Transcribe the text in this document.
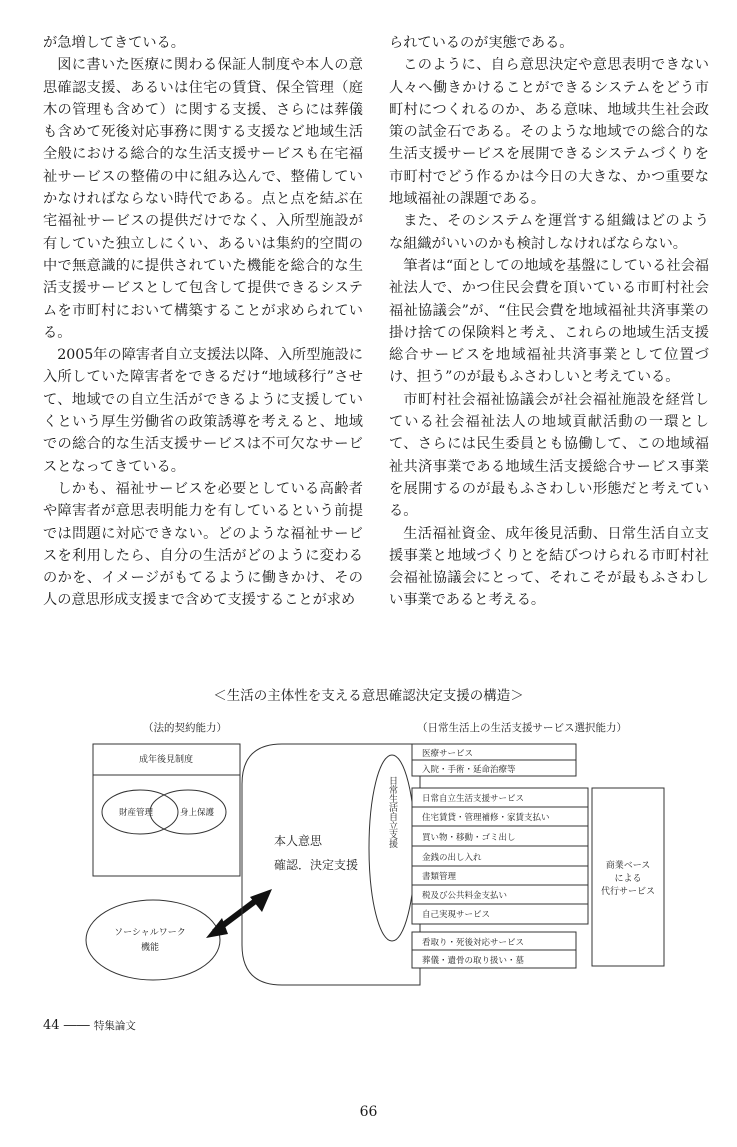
が急増してきている。

図に書いた医療に関わる保証人制度や本人の意思確認支援、あるいは住宅の賃貸、保全管理（庭木の管理も含めて）に関する支援、さらには葬儀も含めて死後対応事務に関する支援など地域生活全般における総合的な生活支援サービスも在宅福祉サービスの整備の中に組み込んで、整備していかなければならない時代である。点と点を結ぶ在宅福祉サービスの提供だけでなく、入所型施設が有していた独立しにくい、あるいは集約的空間の中で無意識的に提供されていた機能を総合的な生活支援サービスとして包含して提供できるシステムを市町村において構築することが求められている。

2005年の障害者自立支援法以降、入所型施設に入所していた障害者をできるだけ“地域移行”させて、地域での自立生活ができるように支援していくという厚生労働省の政策誘導を考えると、地域での総合的な生活支援サービスは不可欠なサービスとなってきている。

しかも、福祉サービスを必要としている高齢者や障害者が意思表明能力を有しているという前提では問題に対応できない。どのような福祉サービスを利用したら、自分の生活がどのように変わるのかを、イメージがもてるように働きかけ、その人の意思形成支援まで含めて支援することが求め

られているのが実態である。

このように、自ら意思決定や意思表明できない人々へ働きかけることができるシステムをどう市町村につくれるのか、ある意味、地域共生社会政策の試金石である。そのような地域での総合的な生活支援サービスを展開できるシステムづくりを市町村でどう作るかは今日の大きな、かつ重要な地域福祉の課題である。

また、そのシステムを運営する組織はどのような組織がいいのかも検討しなければならない。

筆者は“面としての地域を基盤にしている社会福祉法人で、かつ住民会費を頂いている市町村社会福祉協議会”が、“住民会費を地域福祉共済事業の掛け捨ての保険料と考え、これらの地域生活支援総合サービスを地域福祉共済事業として位置づけ、担う”のが最もふさわしいと考えている。

市町村社会福祉協議会が社会福祉施設を経営している社会福祉法人の地域貢献活動の一環として、さらには民生委員とも協働して、この地域福祉共済事業である地域生活支援総合サービス事業を展開するのが最もふさわしい形態だと考えている。

生活福祉資金、成年後見活動、日常生活自立支援事業と地域づくりとを結びつけられる市町村社会福祉協議会にとって、それこそが最もふさわしい事業であると考える。

＜生活の主体性を支える意思確認決定支援の構造＞
（法的契約能力）	（日常生活上の生活支援サービス選択能力）
成年後見制度
財産管理	身上保護
ソーシャルワーク
機能
本人意思
確認．決定支援
日常生活自立支援
医療サービス
入院・手術・延命治療等
日常自立生活支援サービス
住宅賃貸・管理補修・家賃支払い
買い物・移動・ゴミ出し
金銭の出し入れ
書類管理
税及び公共料金支払い
自己実現サービス
看取り・死後対応サービス
葬儀・遺骨の取り扱い・墓
商業ベース
による
代行サービス
44 ―― 特集論文
66
